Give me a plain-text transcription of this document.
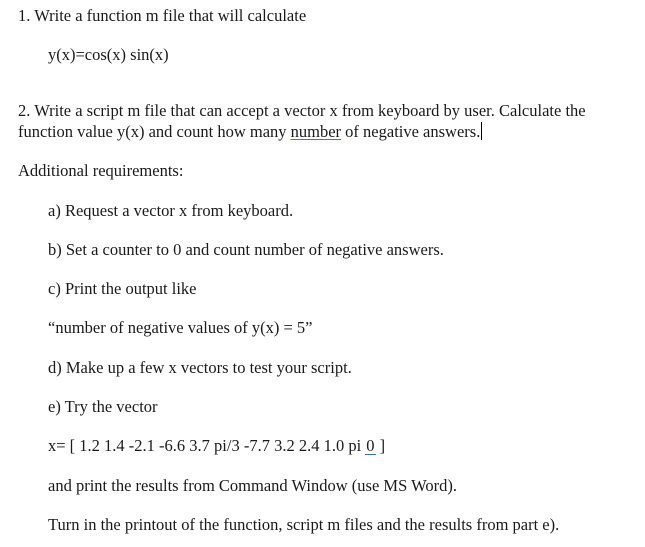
1. Write a function m file that will calculate
y(x)=cos(x) sin(x)
2. Write a script m file that can accept a vector x from keyboard by user. Calculate the
function value y(x) and count how many number of negative answers.
Additional requirements:
a) Request a vector x from keyboard.
b) Set a counter to 0 and count number of negative answers.
c) Print the output like
“number of negative values of y(x) = 5”
d) Make up a few x vectors to test your script.
e) Try the vector
x= [ 1.2 1.4 -2.1 -6.6 3.7 pi/3 -7.7 3.2 2.4 1.0 pi 0 ]
and print the results from Command Window (use MS Word).
Turn in the printout of the function, script m files and the results from part e).
